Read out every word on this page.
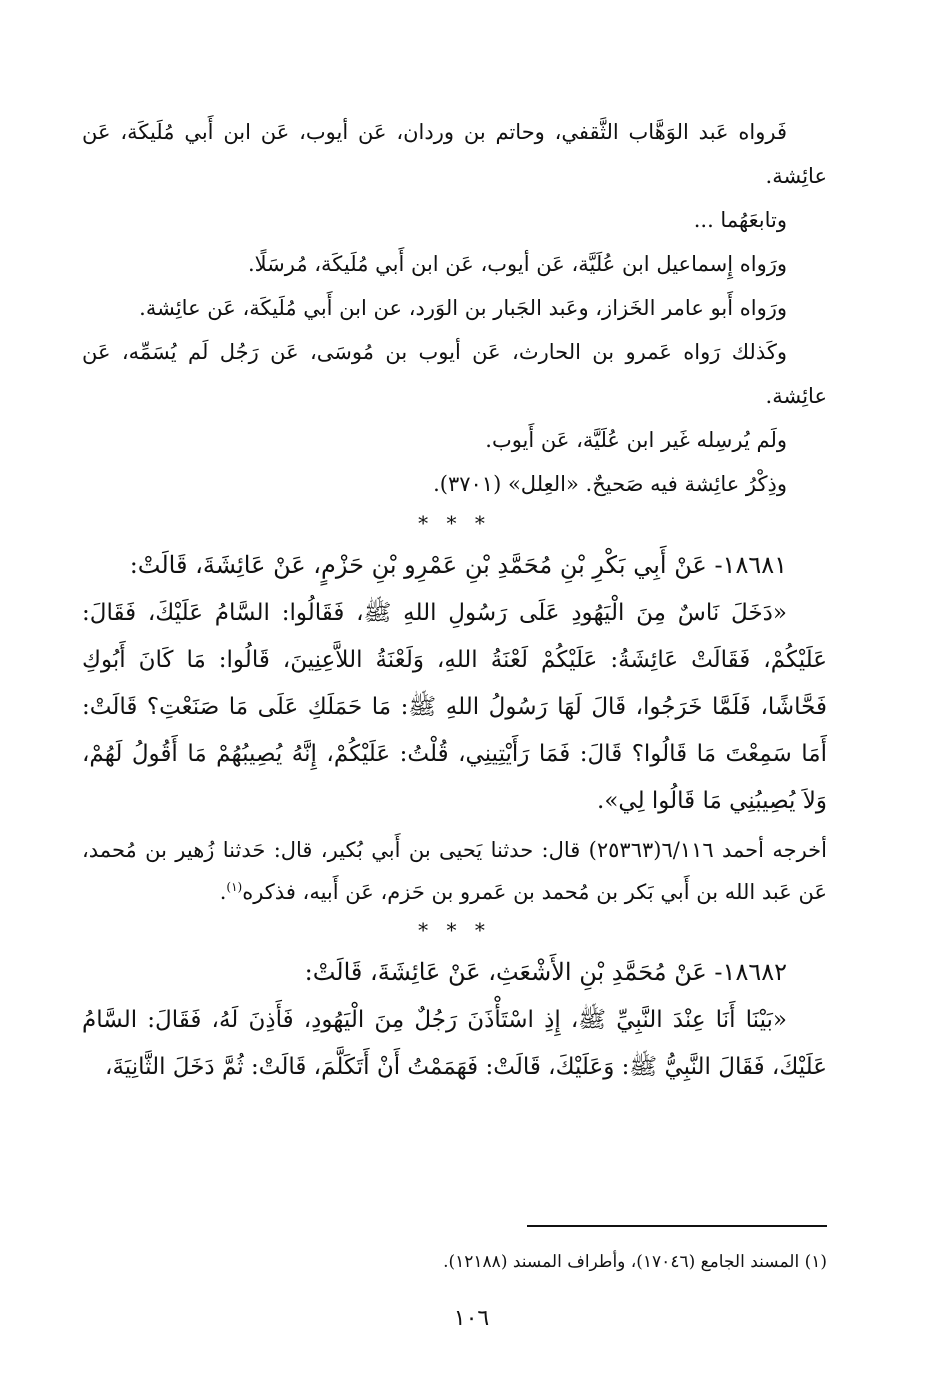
فَرواه عَبد الوَهَّاب الثَّقفي، وحاتم بن وردان، عَن أيوب، عَن ابن أَبي مُلَيكَة، عَن عائِشة.

وتابعَهُما ...

ورَواه إِسماعيل ابن عُلَيَّة، عَن أيوب، عَن ابن أَبي مُلَيكَة، مُرسَلًا.

ورَواه أَبو عامر الخَزاز، وعَبد الجَبار بن الوَرد، عن ابن أَبي مُلَيكَة، عَن عائِشة.

وكَذلك رَواه عَمرو بن الحارث، عَن أيوب بن مُوسَى، عَن رَجُل لَم يُسَمِّه، عَن عائِشة.

ولَم يُرسِله غَير ابن عُلَيَّة، عَن أَيوب.

وذِكْرُ عائِشة فيه صَحيحٌ. «العِلل» (٣٧٠١).

* * *

١٨٦٨١- عَنْ أَبِي بَكْرِ بْنِ مُحَمَّدِ بْنِ عَمْرِو بْنِ حَزْمٍ، عَنْ عَائِشَةَ، قَالَتْ:

«دَخَلَ نَاسٌ مِنَ الْيَهُودِ عَلَى رَسُولِ اللهِ ﷺ، فَقَالُوا: السَّامُ عَلَيْكَ، فَقَالَ: عَلَيْكُمْ، فَقَالَتْ عَائِشَةُ: عَلَيْكُمْ لَعْنَةُ اللهِ، وَلَعْنَةُ اللاَّعِنِينَ، قَالُوا: مَا كَانَ أَبُوكِ فَحَّاشًا، فَلَمَّا خَرَجُوا، قَالَ لَهَا رَسُولُ اللهِ ﷺ: مَا حَمَلَكِ عَلَى مَا صَنَعْتِ؟ قَالَتْ: أَمَا سَمِعْتَ مَا قَالُوا؟ قَالَ: فَمَا رَأَيْتِينِي، قُلْتُ: عَلَيْكُمْ، إِنَّهُ يُصِيبُهُمْ مَا أَقُولُ لَهُمْ، وَلاَ يُصِيبُنِي مَا قَالُوا لِي».

أخرجه أحمد ٦/١١٦(٢٥٣٦٣) قال: حدثنا يَحيى بن أَبي بُكير، قال: حَدثنا زُهير بن مُحمد، عَن عَبد الله بن أَبي بَكر بن مُحمد بن عَمرو بن حَزم، عَن أَبيه، فذكره$^{(١)}$.

* * *

١٨٦٨٢- عَنْ مُحَمَّدِ بْنِ الأَشْعَثِ، عَنْ عَائِشَةَ، قَالَتْ:

«بَيْنَا أَنَا عِنْدَ النَّبِيِّ ﷺ، إِذِ اسْتَأْذَنَ رَجُلٌ مِنَ الْيَهُودِ، فَأَذِنَ لَهُ، فَقَالَ: السَّامُ عَلَيْكَ، فَقَالَ النَّبِيُّ ﷺ: وَعَلَيْكَ، قَالَتْ: فَهَمَمْتُ أَنْ أَتَكَلَّمَ، قَالَتْ: ثُمَّ دَخَلَ الثَّانِيَةَ،

(١) المسند الجامع (١٧٠٤٦)، وأطراف المسند (١٢١٨٨).

١٠٦
